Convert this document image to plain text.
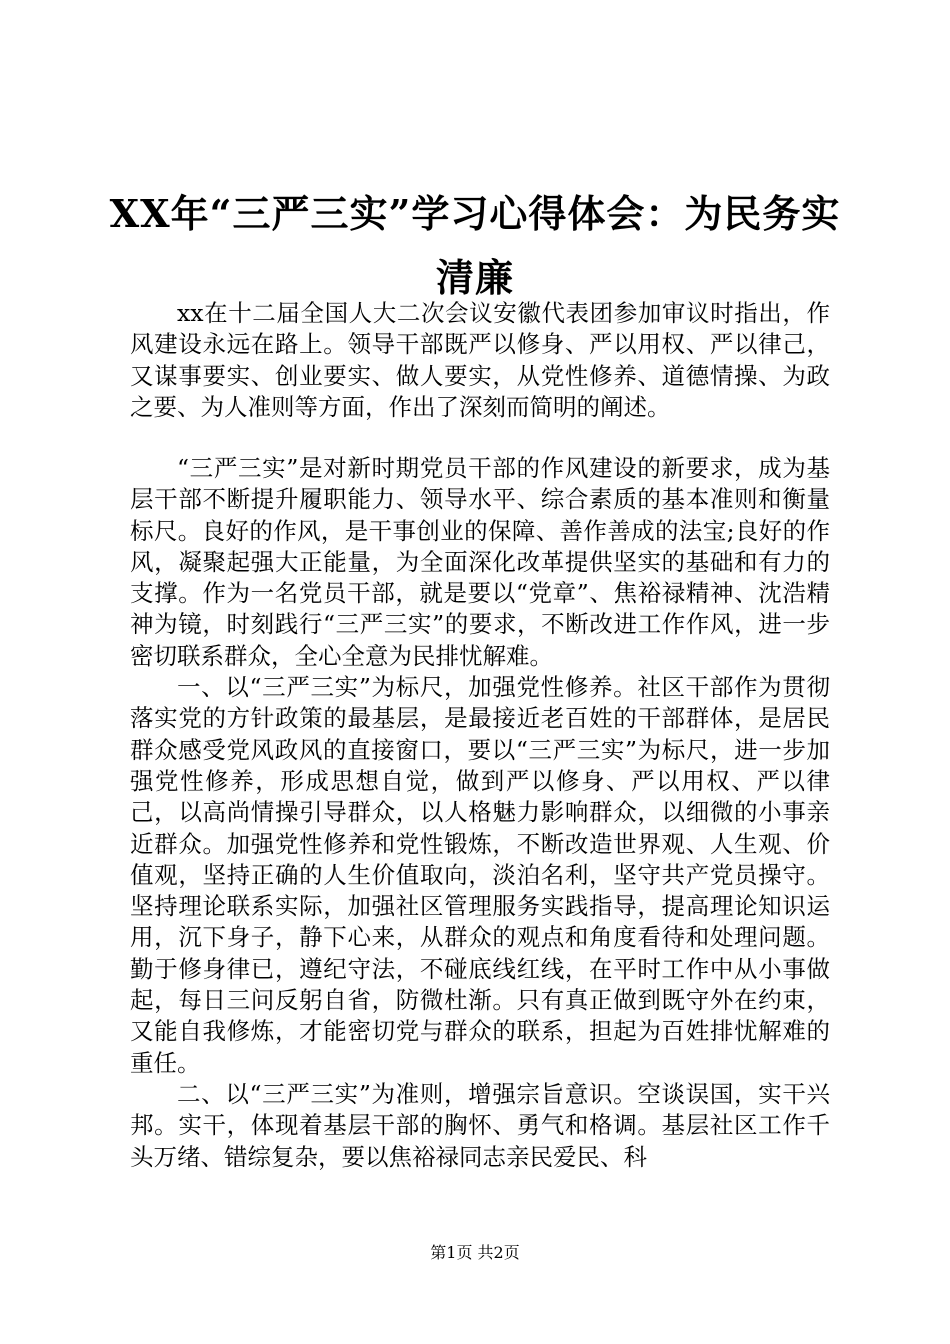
XX年“三严三实”学习心得体会：为民务实清廉

xx在十二届全国人大二次会议安徽代表团参加审议时指出，作风建设永远在路上。领导干部既严以修身、严以用权、严以律己，又谋事要实、创业要实、做人要实，从党性修养、道德情操、为政之要、为人准则等方面，作出了深刻而简明的阐述。

“三严三实”是对新时期党员干部的作风建设的新要求，成为基层干部不断提升履职能力、领导水平、综合素质的基本准则和衡量标尺。良好的作风，是干事创业的保障、善作善成的法宝;良好的作风，凝聚起强大正能量，为全面深化改革提供坚实的基础和有力的支撑。作为一名党员干部，就是要以“党章”、焦裕禄精神、沈浩精神为镜，时刻践行“三严三实”的要求，不断改进工作作风，进一步密切联系群众，全心全意为民排忧解难。

一、以“三严三实”为标尺，加强党性修养。社区干部作为贯彻落实党的方针政策的最基层，是最接近老百姓的干部群体，是居民群众感受党风政风的直接窗口，要以“三严三实”为标尺，进一步加强党性修养，形成思想自觉，做到严以修身、严以用权、严以律己，以高尚情操引导群众，以人格魅力影响群众，以细微的小事亲近群众。加强党性修养和党性锻炼，不断改造世界观、人生观、价值观，坚持正确的人生价值取向，淡泊名利，坚守共产党员操守。坚持理论联系实际，加强社区管理服务实践指导，提高理论知识运用，沉下身子，静下心来，从群众的观点和角度看待和处理问题。勤于修身律已，遵纪守法，不碰底线红线，在平时工作中从小事做起，每日三问反躬自省，防微杜渐。只有真正做到既守外在约束，又能自我修炼，才能密切党与群众的联系，担起为百姓排忧解难的重任。

二、以“三严三实”为准则，增强宗旨意识。空谈误国，实干兴邦。实干，体现着基层干部的胸怀、勇气和格调。基层社区工作千头万绪、错综复杂，要以焦裕禄同志亲民爱民、科

第1页 共2页
